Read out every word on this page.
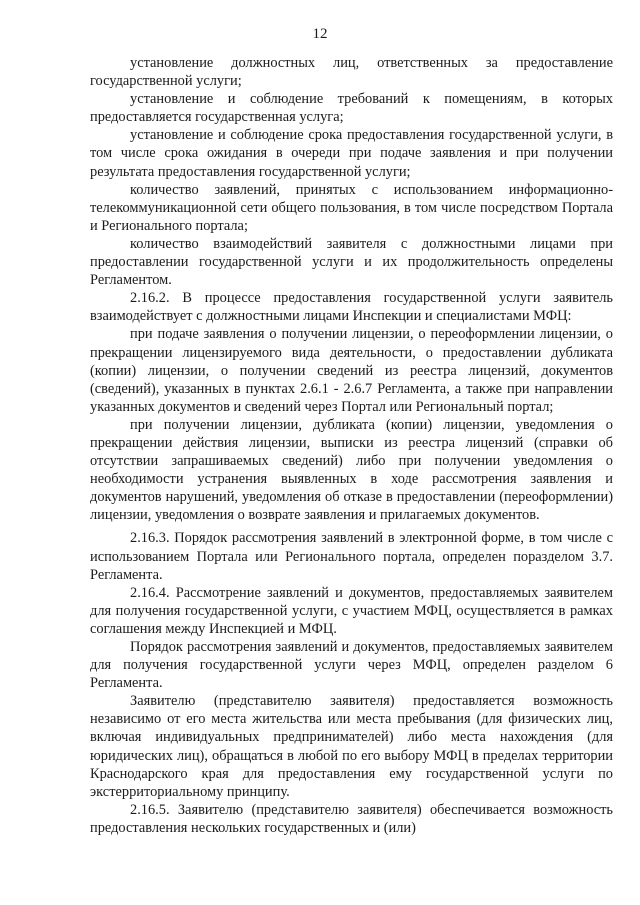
12

установление должностных лиц, ответственных за предоставление государственной услуги;

установление и соблюдение требований к помещениям, в которых предоставляется государственная услуга;

установление и соблюдение срока предоставления государственной услуги, в том числе срока ожидания в очереди при подаче заявления и при получении результата предоставления государственной услуги;

количество заявлений, принятых с использованием информационно-телекоммуникационной сети общего пользования, в том числе посредством Портала и Регионального портала;

количество взаимодействий заявителя с должностными лицами при предоставлении государственной услуги и их продолжительность определены Регламентом.

2.16.2. В процессе предоставления государственной услуги заявитель взаимодействует с должностными лицами Инспекции и специалистами МФЦ:

при подаче заявления о получении лицензии, о переоформлении лицензии, о прекращении лицензируемого вида деятельности, о предоставлении дубликата (копии) лицензии, о получении сведений из реестра лицензий, документов (сведений), указанных в пунктах 2.6.1 - 2.6.7 Регламента, а также при направлении указанных документов и сведений через Портал или Региональный портал;

при получении лицензии, дубликата (копии) лицензии, уведомления о прекращении действия лицензии, выписки из реестра лицензий (справки об отсутствии запрашиваемых сведений) либо при получении уведомления о необходимости устранения выявленных в ходе рассмотрения заявления и документов нарушений, уведомления об отказе в предоставлении (переоформлении) лицензии, уведомления о возврате заявления и прилагаемых документов.

2.16.3. Порядок рассмотрения заявлений в электронной форме, в том числе с использованием Портала или Регионального портала, определен порaзделом 3.7. Регламента.

2.16.4. Рассмотрение заявлений и документов, предоставляемых заявителем для получения государственной услуги, с участием МФЦ, осуществляется в рамках соглашения между Инспекцией и МФЦ.

Порядок рассмотрения заявлений и документов, предоставляемых заявителем для получения государственной услуги через МФЦ, определен разделом 6 Регламента.

Заявителю (представителю заявителя) предоставляется возможность независимо от его места жительства или места пребывания (для физических лиц, включая индивидуальных предпринимателей) либо места нахождения (для юридических лиц), обращаться в любой по его выбору МФЦ в пределах территории Краснодарского края для предоставления ему государственной услуги по экстерриториальному принципу.

2.16.5. Заявителю (представителю заявителя) обеспечивается возможность предоставления нескольких государственных и (или)
